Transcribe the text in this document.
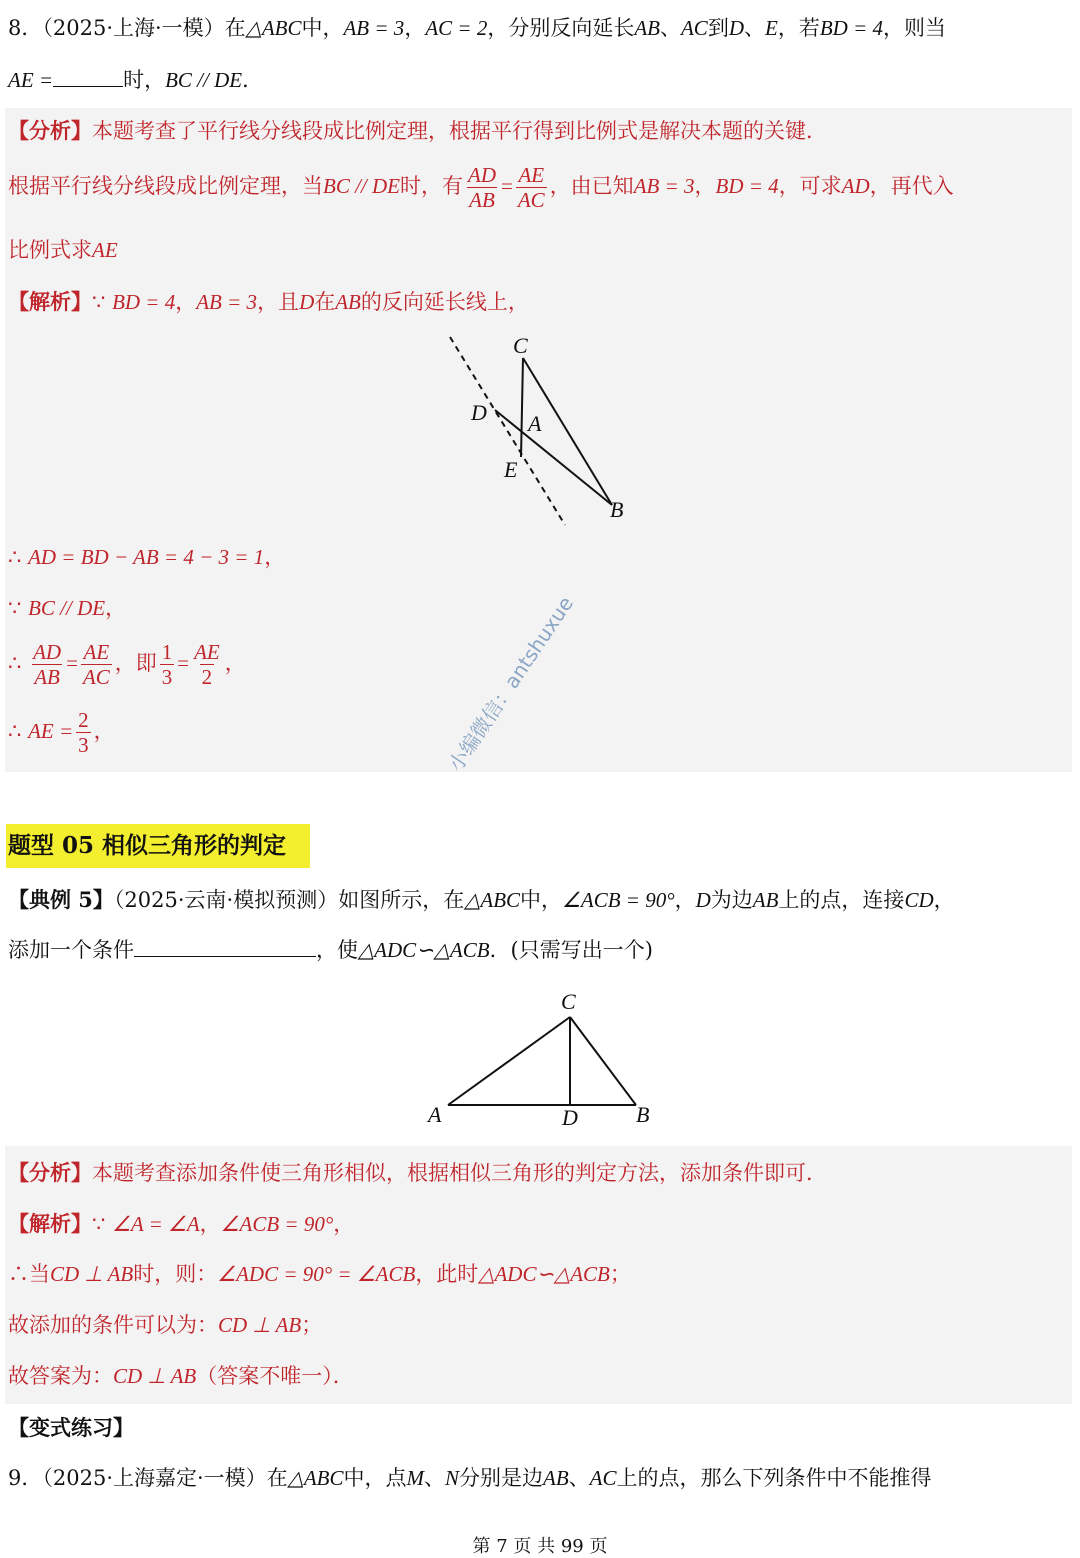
8．（2025·上海·一模）在△ABC中，AB = 3，AC = 2，分别反向延长AB、AC到D、E，若BD = 4，则当
AE =	时，BC // DE．
【分析】本题考查了平行线分线段成比例定理，根据平行得到比例式是解决本题的关键．
根据平行线分线段成比例定理，当BC // DE时，有 $\frac{AD}{AB} = \frac{AE}{AC}$ ，由已知AB = 3，BD = 4，可求AD，再代入
比例式求AE
【解析】∵ BD = 4，AB = 3，且D在AB的反向延长线上，
C
D A
E
B
∴ AD = BD − AB = 4 − 3 = 1，
∵ BC // DE，
∴ $\frac{AD}{AB} = \frac{AE}{AC}$ ，即 $\frac{1}{3} = \frac{AE}{2}$ ，
∴ AE = $\frac{2}{3}$ ，	小编微信：antshuxue
题型 05 相似三角形的判定
【典例 5】（2025·云南·模拟预测）如图所示，在△ABC中，∠ACB = 90°，D为边AB上的点，连接CD，
添加一个条件	，使△ADC∽△ACB．(只需写出一个)
C
A	D	B
【分析】本题考查添加条件使三角形相似，根据相似三角形的判定方法，添加条件即可．
【解析】∵ ∠A = ∠A，∠ACB = 90°，
∴当CD ⊥ AB时，则：∠ADC = 90° = ∠ACB，此时△ADC∽△ACB；
故添加的条件可以为：CD ⊥ AB；
故答案为：CD ⊥ AB（答案不唯一）．
【变式练习】
9．（2025·上海嘉定·一模）在△ABC中，点M、N分别是边AB、AC上的点，那么下列条件中不能推得
第 7 页 共 99 页
